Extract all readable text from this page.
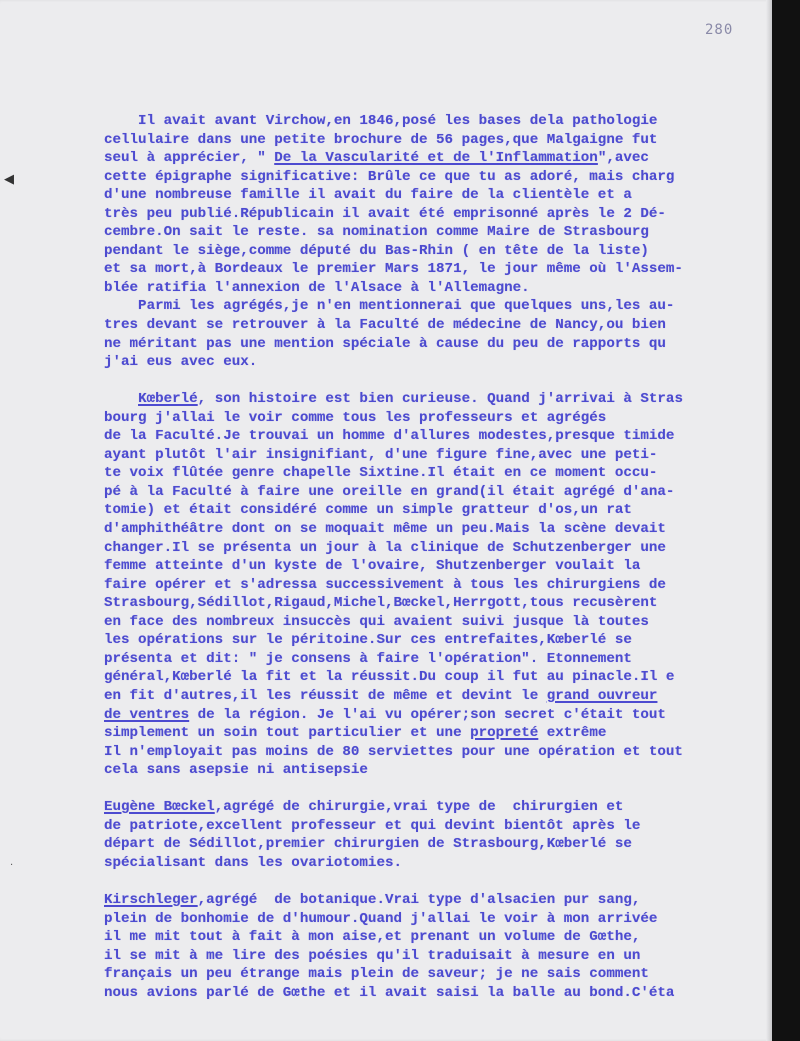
280
◀
·
Il avait avant Virchow,en 1846,posé les bases dela pathologie
cellulaire dans une petite brochure de 56 pages,que Malgaigne fut
seul à apprécier, " De la Vascularité et de l'Inflammation",avec
cette épigraphe significative: Brûle ce que tu as adoré, mais charg
d'une nombreuse famille il avait du faire de la clientèle et a
très peu publié.Républicain il avait été emprisonné après le 2 Dé-
cembre.On sait le reste. sa nomination comme Maire de Strasbourg
pendant le siège,comme député du Bas-Rhin ( en tête de la liste)
et sa mort,à Bordeaux le premier Mars 1871, le jour même où l'Assem-
blée ratifia l'annexion de l'Alsace à l'Allemagne.
Parmi les agrégés,je n'en mentionnerai que quelques uns,les au-
tres devant se retrouver à la Faculté de médecine de Nancy,ou bien
ne méritant pas une mention spéciale à cause du peu de rapports qu
j'ai eus avec eux.
Kœberlé, son histoire est bien curieuse. Quand j'arrivai à Stras
bourg j'allai le voir comme tous les professeurs et agrégés
de la Faculté.Je trouvai un homme d'allures modestes,presque timide
ayant plutôt l'air insignifiant, d'une figure fine,avec une peti-
te voix flûtée genre chapelle Sixtine.Il était en ce moment occu-
pé à la Faculté à faire une oreille en grand(il était agrégé d'ana-
tomie) et était considéré comme un simple gratteur d'os,un rat
d'amphithéâtre dont on se moquait même un peu.Mais la scène devait
changer.Il se présenta un jour à la clinique de Schutzenberger une
femme atteinte d'un kyste de l'ovaire, Shutzenberger voulait la
faire opérer et s'adressa successivement à tous les chirurgiens de
Strasbourg,Sédillot,Rigaud,Michel,Bœckel,Herrgott,tous recusèrent
en face des nombreux insuccès qui avaient suivi jusque là toutes
les opérations sur le péritoine.Sur ces entrefaites,Kœberlé se
présenta et dit: " je consens à faire l'opération". Etonnement
général,Kœberlé la fit et la réussit.Du coup il fut au pinacle.Il e
en fit d'autres,il les réussit de même et devint le grand ouvreur
de ventres de la région. Je l'ai vu opérer;son secret c'était tout
simplement un soin tout particulier et une propreté extrême
Il n'employait pas moins de 80 serviettes pour une opération et tout
cela sans asepsie ni antisepsie
Eugène Bœckel,agrégé de chirurgie,vrai type de  chirurgien et
de patriote,excellent professeur et qui devint bientôt après le
départ de Sédillot,premier chirurgien de Strasbourg,Kœberlé se
spécialisant dans les ovariotomies.
Kirschleger,agrégé  de botanique.Vrai type d'alsacien pur sang,
plein de bonhomie de d'humour.Quand j'allai le voir à mon arrivée
il me mit tout à fait à mon aise,et prenant un volume de Gœthe,
il se mit à me lire des poésies qu'il traduisait à mesure en un
français un peu étrange mais plein de saveur; je ne sais comment
nous avions parlé de Gœthe et il avait saisi la balle au bond.C'éta
